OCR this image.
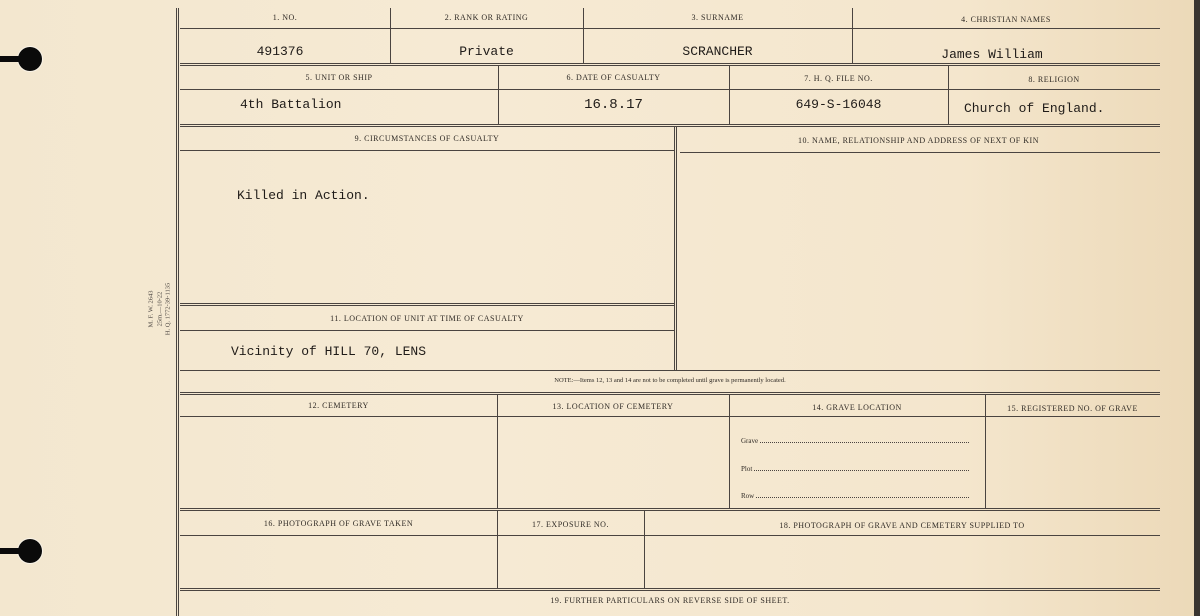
M. F. W. 2643 25m.—10-22 H. Q. 1772-39-1135
1. NO.	2. RANK OR RATING	3. SURNAME	4. CHRISTIAN NAMES
491376	Private	SCRANCHER	James William
5. UNIT OR SHIP	6. DATE OF CASUALTY	7. H. Q. FILE NO.	8. RELIGION
4th Battalion	16.8.17	649-S-16048	Church of England.
9. CIRCUMSTANCES OF CASUALTY	10. NAME, RELATIONSHIP AND ADDRESS OF NEXT OF KIN
Killed in Action.
11. LOCATION OF UNIT AT TIME OF CASUALTY
Vicinity of HILL 70, LENS
NOTE:—Items 12, 13 and 14 are not to be completed until grave is permanently located.
12. CEMETERY	13. LOCATION OF CEMETERY	14. GRAVE LOCATION	15. REGISTERED NO. OF GRAVE
Grave
Plot
Row
16. PHOTOGRAPH OF GRAVE TAKEN	17. EXPOSURE NO.	18. PHOTOGRAPH OF GRAVE AND CEMETERY SUPPLIED TO
19. FURTHER PARTICULARS ON REVERSE SIDE OF SHEET.
